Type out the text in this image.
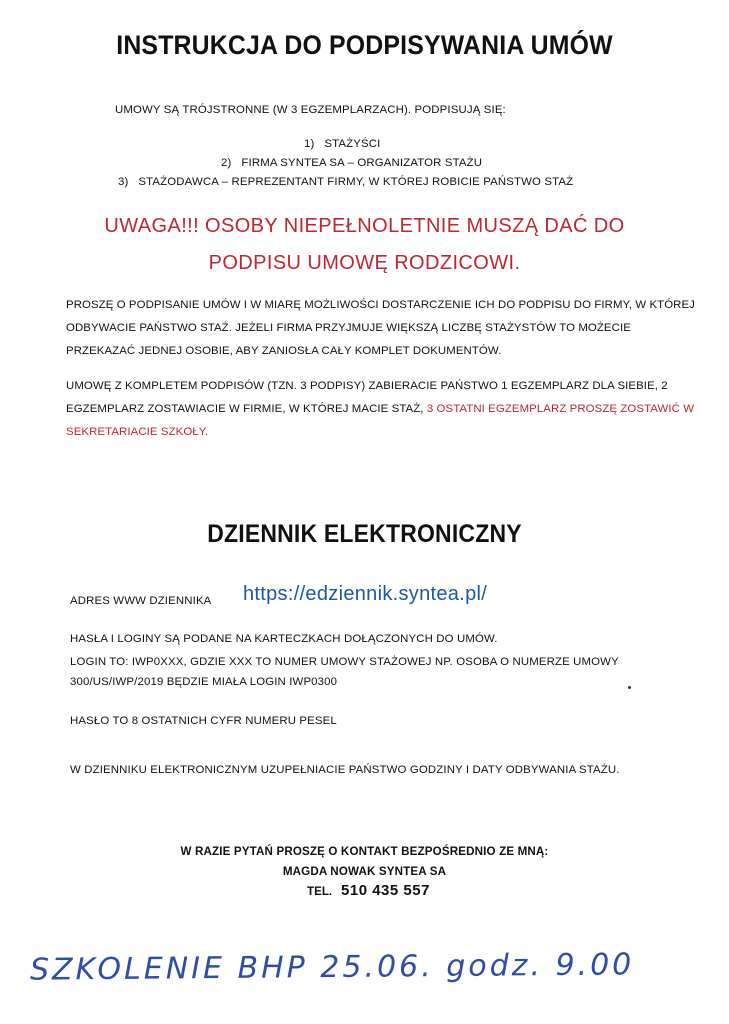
INSTRUKCJA DO PODPISYWANIA UMÓW
UMOWY SĄ TRÓJSTRONNE (W 3 EGZEMPLARZACH). PODPISUJĄ SIĘ:
1) STAŻYŚCI
2) FIRMA SYNTEA SA – ORGANIZATOR STAŻU
3) STAŻODAWCA – REPREZENTANT FIRMY, W KTÓREJ ROBICIE PAŃSTWO STAŻ
UWAGA!!! OSOBY NIEPEŁNOLETNIE MUSZĄ DAĆ DO
PODPISU UMOWĘ RODZICOWI.
PROSZĘ O PODPISANIE UMÓW I W MIARĘ MOŻLIWOŚCI DOSTARCZENIE ICH DO PODPISU DO FIRMY, W KTÓREJ ODBYWACIE PAŃSTWO STAŻ. JEŻELI FIRMA PRZYJMUJE WIĘKSZĄ LICZBĘ STAŻYSTÓW TO MOŻECIE PRZEKAZAĆ JEDNEJ OSOBIE, ABY ZANIOSŁA CAŁY KOMPLET DOKUMENTÓW.
UMOWĘ Z KOMPLETEM PODPISÓW (TZN. 3 PODPISY) ZABIERACIE PAŃSTWO 1 EGZEMPLARZ DLA SIEBIE, 2 EGZEMPLARZ ZOSTAWIACIE W FIRMIE, W KTÓREJ MACIE STAŻ, 3 OSTATNI EGZEMPLARZ PROSZĘ ZOSTAWIĆ W SEKRETARIACIE SZKOŁY.
DZIENNIK ELEKTRONICZNY
ADRES WWW DZIENNIKA https://edziennik.syntea.pl/
HASŁA I LOGINY SĄ PODANE NA KARTECZKACH DOŁĄCZONYCH DO UMÓW.
LOGIN TO: IWP0XXX, GDZIE XXX TO NUMER UMOWY STAŻOWEJ NP. OSOBA O NUMERZE UMOWY
300/US/IWP/2019 BĘDZIE MIAŁA LOGIN IWP0300
HASŁO TO 8 OSTATNICH CYFR NUMERU PESEL
W DZIENNIKU ELEKTRONICZNYM UZUPEŁNIACIE PAŃSTWO GODZINY I DATY ODBYWANIA STAŻU.
W RAZIE PYTAŃ PROSZĘ O KONTAKT BEZPOŚREDNIO ZE MNĄ:
MAGDA NOWAK SYNTEA SA
TEL. 510 435 557
SZKOLENIE BHP 25.06. godz. 9.00
